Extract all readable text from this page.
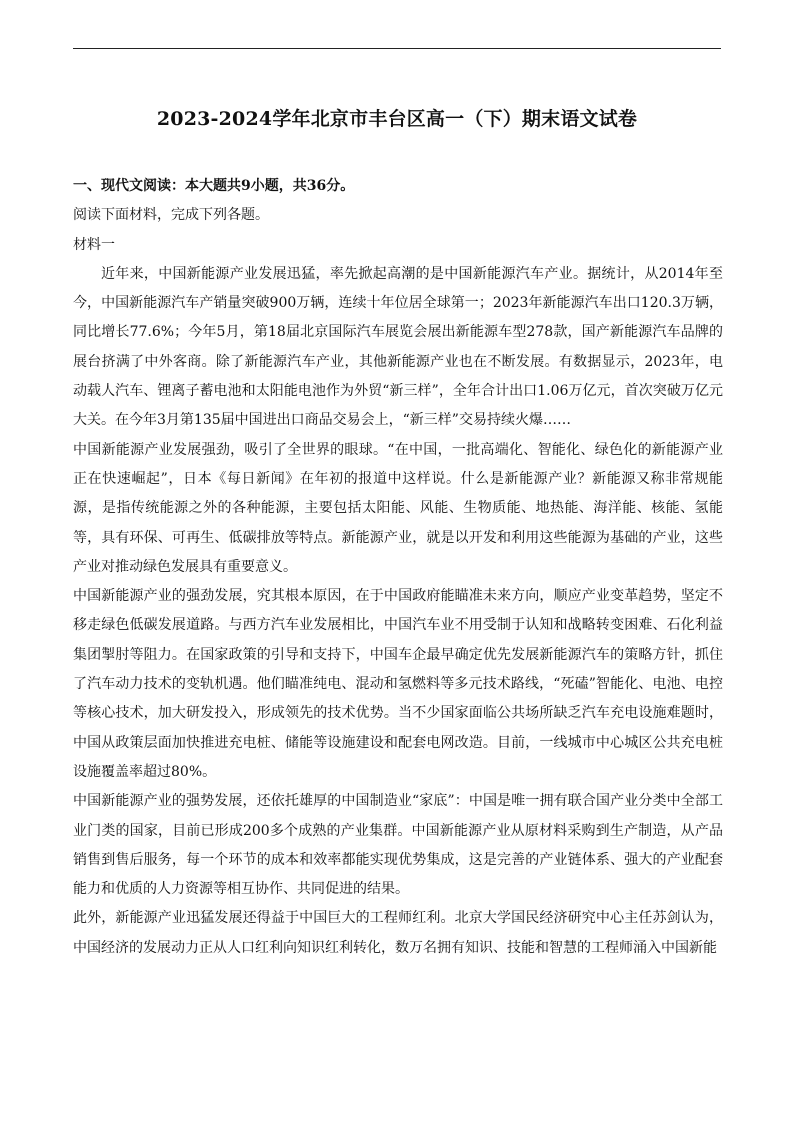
2023-2024学年北京市丰台区高一（下）期末语文试卷

一、现代文阅读：本大题共9小题，共36分。

阅读下面材料，完成下列各题。

材料一

近年来，中国新能源产业发展迅猛，率先掀起高潮的是中国新能源汽车产业。据统计，从2014年至今，中国新能源汽车产销量突破900万辆，连续十年位居全球第一；2023年新能源汽车出口120.3万辆，同比增长77.6%；今年5月，第18届北京国际汽车展览会展出新能源车型278款，国产新能源汽车品牌的展台挤满了中外客商。除了新能源汽车产业，其他新能源产业也在不断发展。有数据显示，2023年，电动载人汽车、锂离子蓄电池和太阳能电池作为外贸“新三样”，全年合计出口1.06万亿元，首次突破万亿元大关。在今年3月第135届中国进出口商品交易会上，“新三样”交易持续火爆……

中国新能源产业发展强劲，吸引了全世界的眼球。“在中国，一批高端化、智能化、绿色化的新能源产业正在快速崛起”，日本《每日新闻》在年初的报道中这样说。什么是新能源产业？新能源又称非常规能源，是指传统能源之外的各种能源，主要包括太阳能、风能、生物质能、地热能、海洋能、核能、氢能等，具有环保、可再生、低碳排放等特点。新能源产业，就是以开发和利用这些能源为基础的产业，这些产业对推动绿色发展具有重要意义。

中国新能源产业的强劲发展，究其根本原因，在于中国政府能瞄准未来方向，顺应产业变革趋势，坚定不移走绿色低碳发展道路。与西方汽车业发展相比，中国汽车业不用受制于认知和战略转变困难、石化利益集团掣肘等阻力。在国家政策的引导和支持下，中国车企最早确定优先发展新能源汽车的策略方针，抓住了汽车动力技术的变轨机遇。他们瞄准纯电、混动和氢燃料等多元技术路线，“死磕”智能化、电池、电控等核心技术，加大研发投入，形成领先的技术优势。当不少国家面临公共场所缺乏汽车充电设施难题时，中国从政策层面加快推进充电桩、储能等设施建设和配套电网改造。目前，一线城市中心城区公共充电桩设施覆盖率超过80%。

中国新能源产业的强势发展，还依托雄厚的中国制造业“家底”：中国是唯一拥有联合国产业分类中全部工业门类的国家，目前已形成200多个成熟的产业集群。中国新能源产业从原材料采购到生产制造，从产品销售到售后服务，每一个环节的成本和效率都能实现优势集成，这是完善的产业链体系、强大的产业配套能力和优质的人力资源等相互协作、共同促进的结果。

此外，新能源产业迅猛发展还得益于中国巨大的工程师红利。北京大学国民经济研究中心主任苏剑认为，中国经济的发展动力正从人口红利向知识红利转化，数万名拥有知识、技能和智慧的工程师涌入中国新能
